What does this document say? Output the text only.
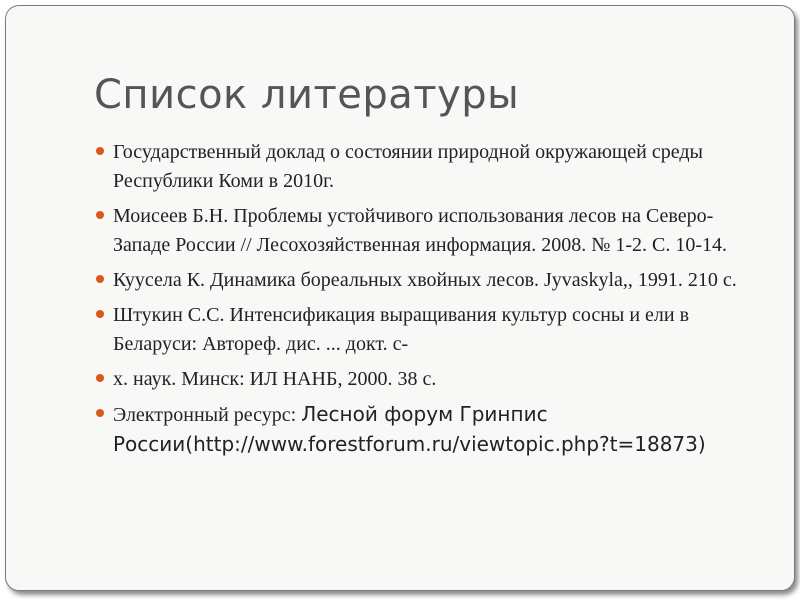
Список литературы
Государственный доклад о состоянии природной окружающей среды Республики Коми в 2010г.
Моисеев Б.Н. Проблемы устойчивого использования лесов на Северо-Западе России // Лесохозяйственная информация. 2008. № 1-2. С. 10-14.
Куусела К. Динамика бореальных хвойных лесов. Jyvaskyla,, 1991. 210 с.
Штукин С.С. Интенсификация выращивания культур сосны и ели в Беларуси: Автореф. дис. ... докт. с-
х. наук. Минск: ИЛ НАНБ, 2000. 38 с.
Электронный ресурс: Лесной форум Гринпис России(http://www.forestforum.ru/viewtopic.php?t=18873)
